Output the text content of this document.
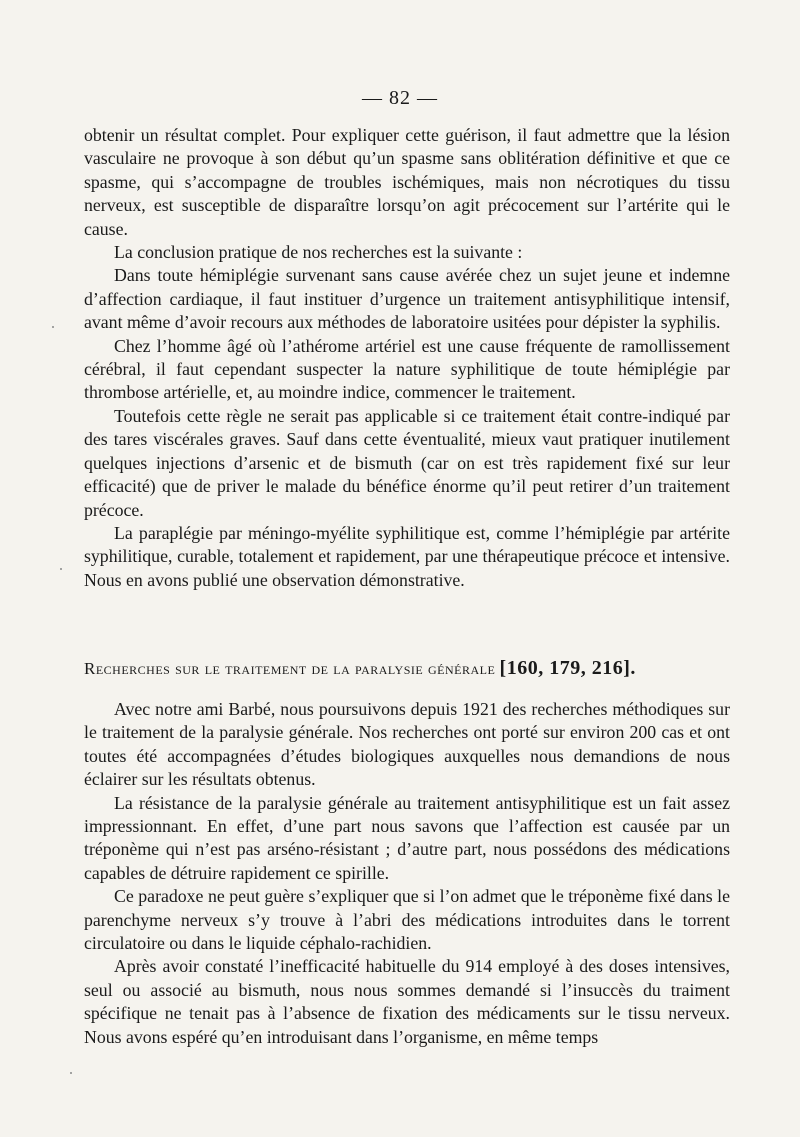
— 82 —

obtenir un résultat complet. Pour expliquer cette guérison, il faut admettre que la lésion vasculaire ne provoque à son début qu’un spasme sans oblitération définitive et que ce spasme, qui s’accompagne de troubles ischémiques, mais non nécrotiques du tissu nerveux, est susceptible de disparaître lorsqu’on agit précocement sur l’artérite qui le cause.

La conclusion pratique de nos recherches est la suivante :

Dans toute hémiplégie survenant sans cause avérée chez un sujet jeune et indemne d’affection cardiaque, il faut instituer d’urgence un traitement antisyphilitique intensif, avant même d’avoir recours aux méthodes de laboratoire usitées pour dépister la syphilis.

Chez l’homme âgé où l’athérome artériel est une cause fréquente de ramollissement cérébral, il faut cependant suspecter la nature syphilitique de toute hémiplégie par thrombose artérielle, et, au moindre indice, commencer le traitement.

Toutefois cette règle ne serait pas applicable si ce traitement était contre-indiqué par des tares viscérales graves. Sauf dans cette éventualité, mieux vaut pratiquer inutilement quelques injections d’arsenic et de bismuth (car on est très rapidement fixé sur leur efficacité) que de priver le malade du bénéfice énorme qu’il peut retirer d’un traitement précoce.

La paraplégie par méningo-myélite syphilitique est, comme l’hémiplégie par artérite syphilitique, curable, totalement et rapidement, par une thérapeutique précoce et intensive. Nous en avons publié une observation démonstrative.

Recherches sur le traitement de la paralysie générale [160, 179, 216].

Avec notre ami Barbé, nous poursuivons depuis 1921 des recherches méthodiques sur le traitement de la paralysie générale. Nos recherches ont porté sur environ 200 cas et ont toutes été accompagnées d’études biologiques auxquelles nous demandions de nous éclairer sur les résultats obtenus.

La résistance de la paralysie générale au traitement antisyphilitique est un fait assez impressionnant. En effet, d’une part nous savons que l’affection est causée par un tréponème qui n’est pas arséno-résistant ; d’autre part, nous possédons des médications capables de détruire rapidement ce spirille.

Ce paradoxe ne peut guère s’expliquer que si l’on admet que le tréponème fixé dans le parenchyme nerveux s’y trouve à l’abri des médications introduites dans le torrent circulatoire ou dans le liquide céphalo-rachidien.

Après avoir constaté l’inefficacité habituelle du 914 employé à des doses intensives, seul ou associé au bismuth, nous nous sommes demandé si l’insuccès du traiment spécifique ne tenait pas à l’absence de fixation des médicaments sur le tissu nerveux. Nous avons espéré qu’en introduisant dans l’organisme, en même temps
